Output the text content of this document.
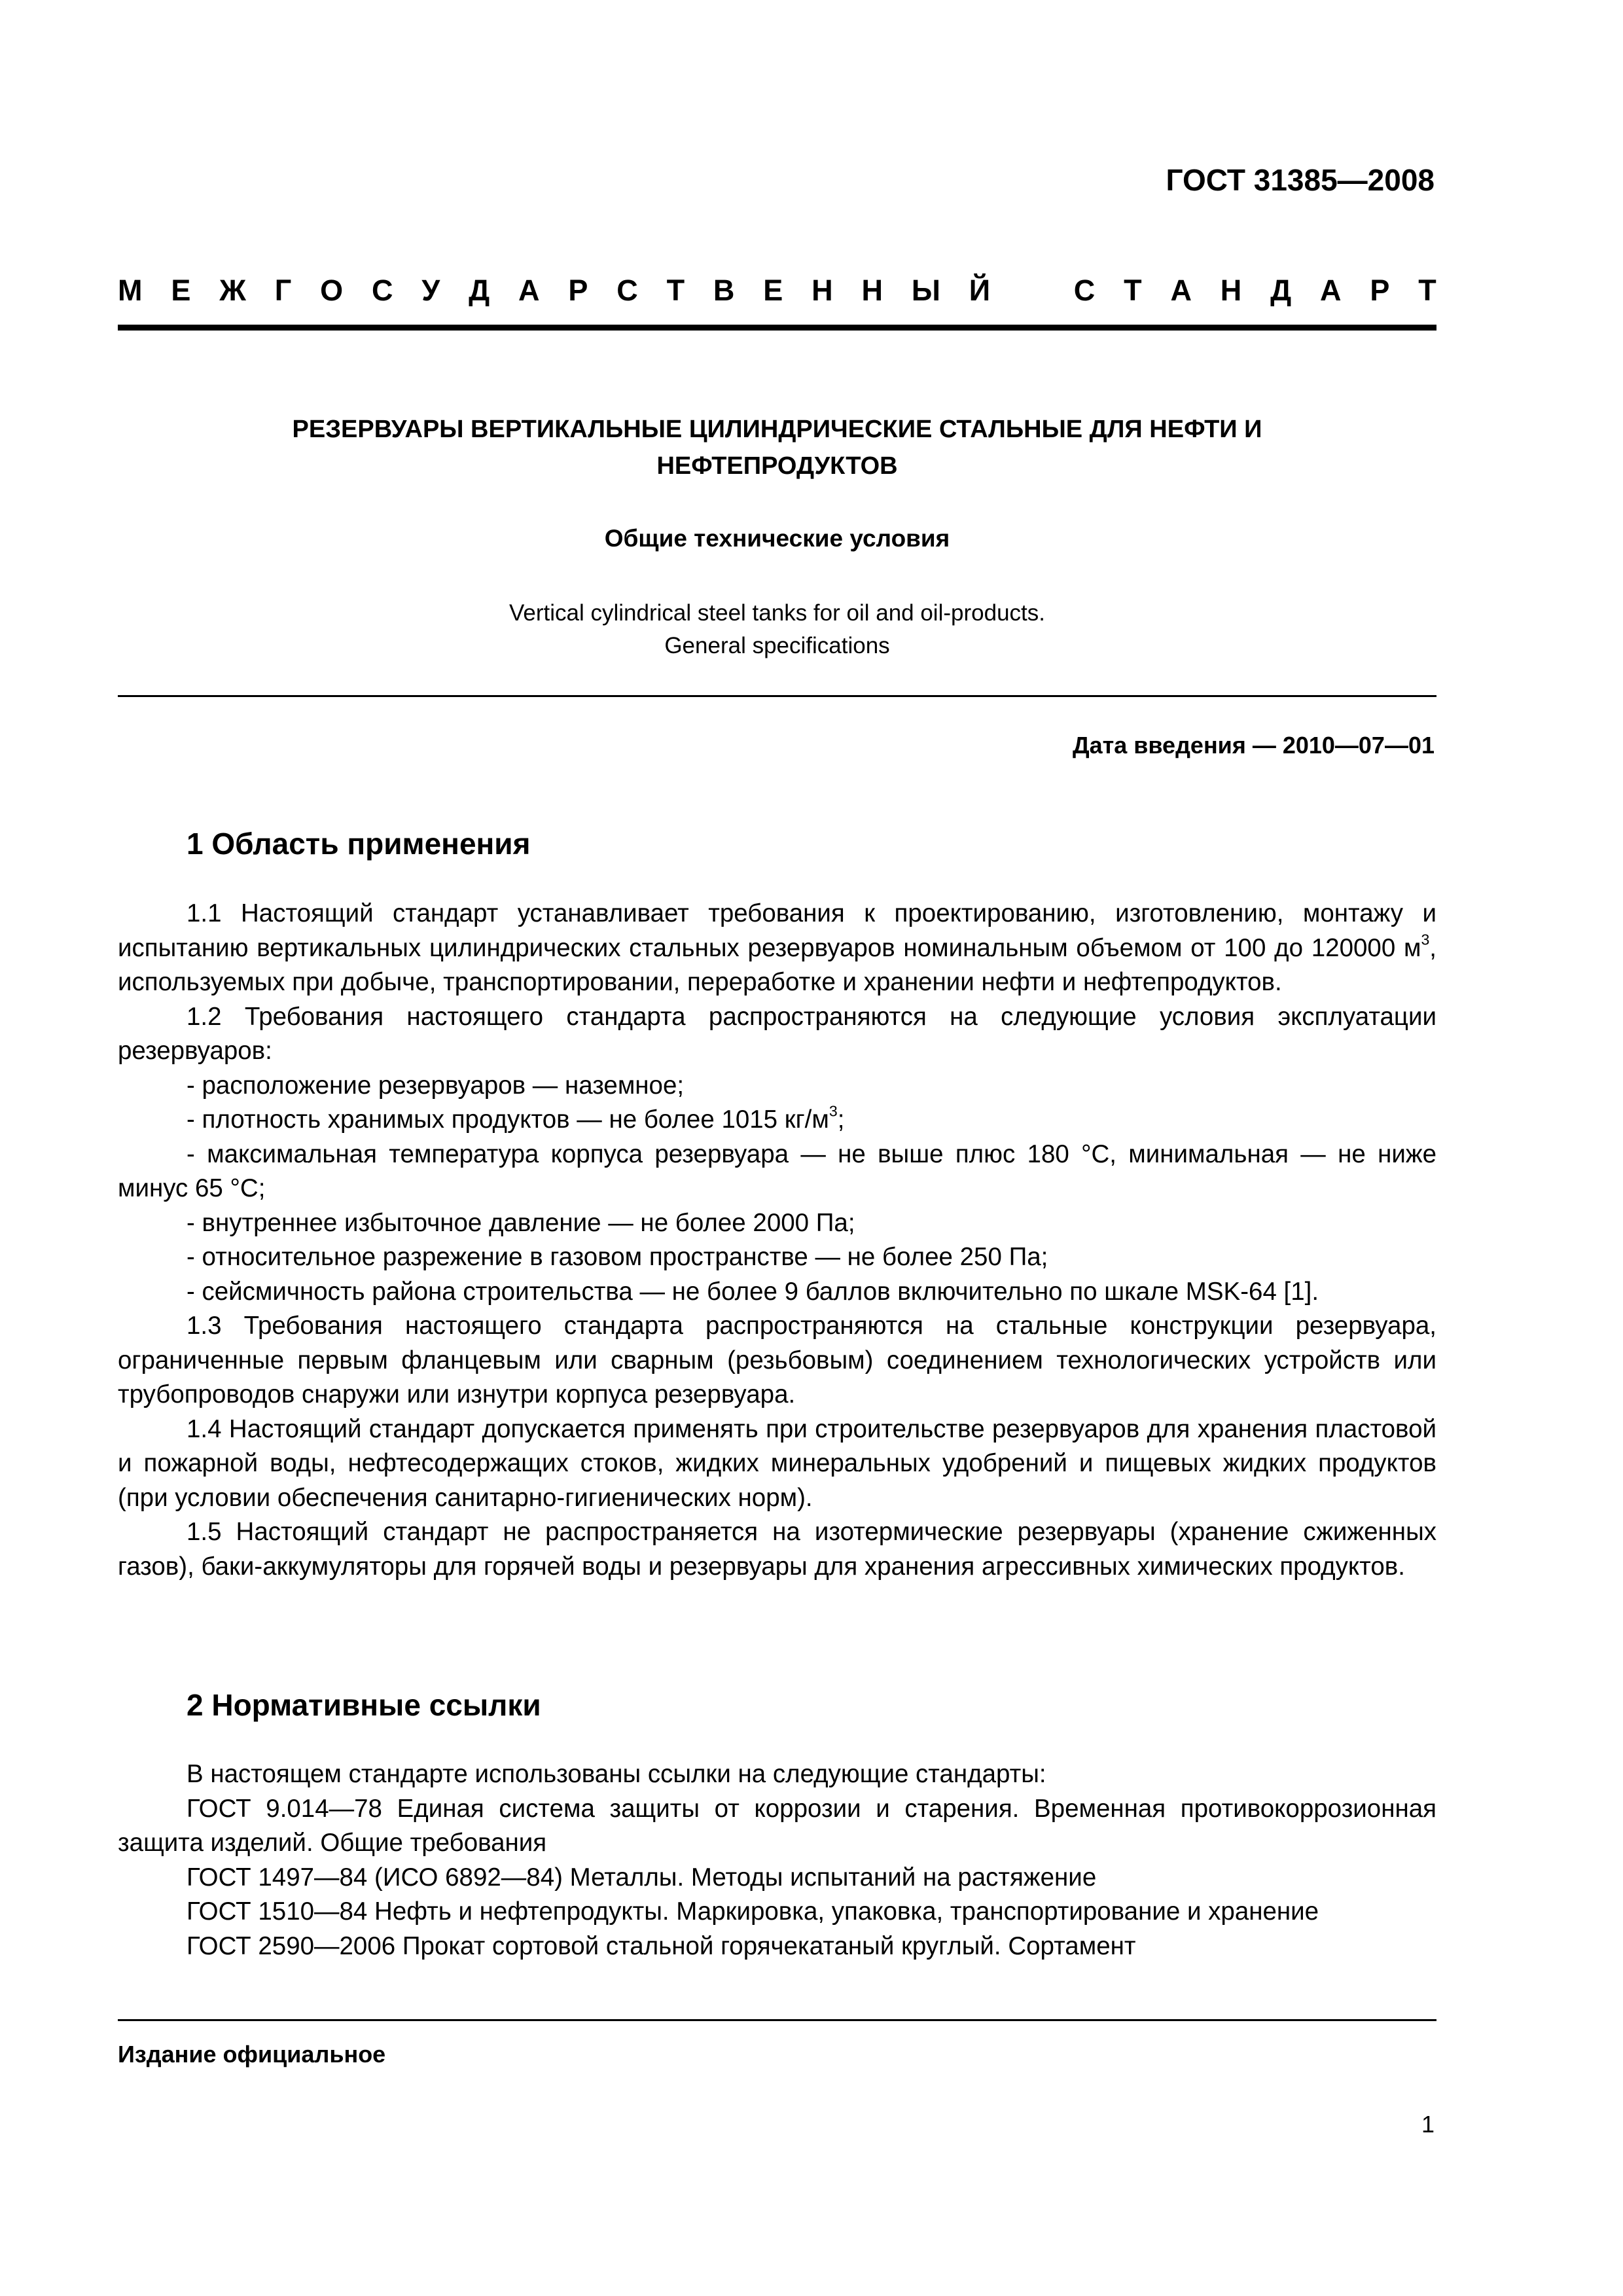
ГОСТ 31385—2008
М Е Ж Г О С У Д А Р С Т В Е Н Н Ы Й	С Т А Н Д А Р Т
РЕЗЕРВУАРЫ ВЕРТИКАЛЬНЫЕ ЦИЛИНДРИЧЕСКИЕ СТАЛЬНЫЕ ДЛЯ НЕФТИ И
НЕФТЕПРОДУКТОВ
Общие технические условия
Vertical cylindrical steel tanks for oil and oil-products.
General specifications
Дата введения — 2010—07—01
1 Область применения

1.1 Настоящий стандарт устанавливает требования к проектированию, изготовлению, монтажу и испытанию вертикальных цилиндрических стальных резервуаров номинальным объемом от 100 до 120000 $м^3$, используемых при добыче, транспортировании, переработке и хранении нефти и нефтепродуктов.

1.2 Требования настоящего стандарта распространяются на следующие условия эксплуатации резервуаров:

- расположение резервуаров — наземное;

- плотность хранимых продуктов — не более 1015 $кг/м^3$;

- максимальная температура корпуса резервуара — не выше плюс 180 °С, минимальная — не ниже минус 65 °С;

- внутреннее избыточное давление — не более 2000 Па;

- относительное разрежение в газовом пространстве — не более 250 Па;

- сейсмичность района строительства — не более 9 баллов включительно по шкале MSK-64 [1].

1.3 Требования настоящего стандарта распространяются на стальные конструкции резервуара, ограниченные первым фланцевым или сварным (резьбовым) соединением технологических устройств или трубопроводов снаружи или изнутри корпуса резервуара.

1.4 Настоящий стандарт допускается применять при строительстве резервуаров для хранения пластовой и пожарной воды, нефтесодержащих стоков, жидких минеральных удобрений и пищевых жидких продуктов (при условии обеспечения санитарно-гигиенических норм).

1.5 Настоящий стандарт не распространяется на изотермические резервуары (хранение сжиженных газов), баки-аккумуляторы для горячей воды и резервуары для хранения агрессивных химических продуктов.

2 Нормативные ссылки

В настоящем стандарте использованы ссылки на следующие стандарты:

ГОСТ 9.014—78 Единая система защиты от коррозии и старения. Временная противокоррозионная защита изделий. Общие требования

ГОСТ 1497—84 (ИСО 6892—84) Металлы. Методы испытаний на растяжение

ГОСТ 1510—84 Нефть и нефтепродукты. Маркировка, упаковка, транспортирование и хранение

ГОСТ 2590—2006 Прокат сортовой стальной горячекатаный круглый. Сортамент

Издание официальное
1
